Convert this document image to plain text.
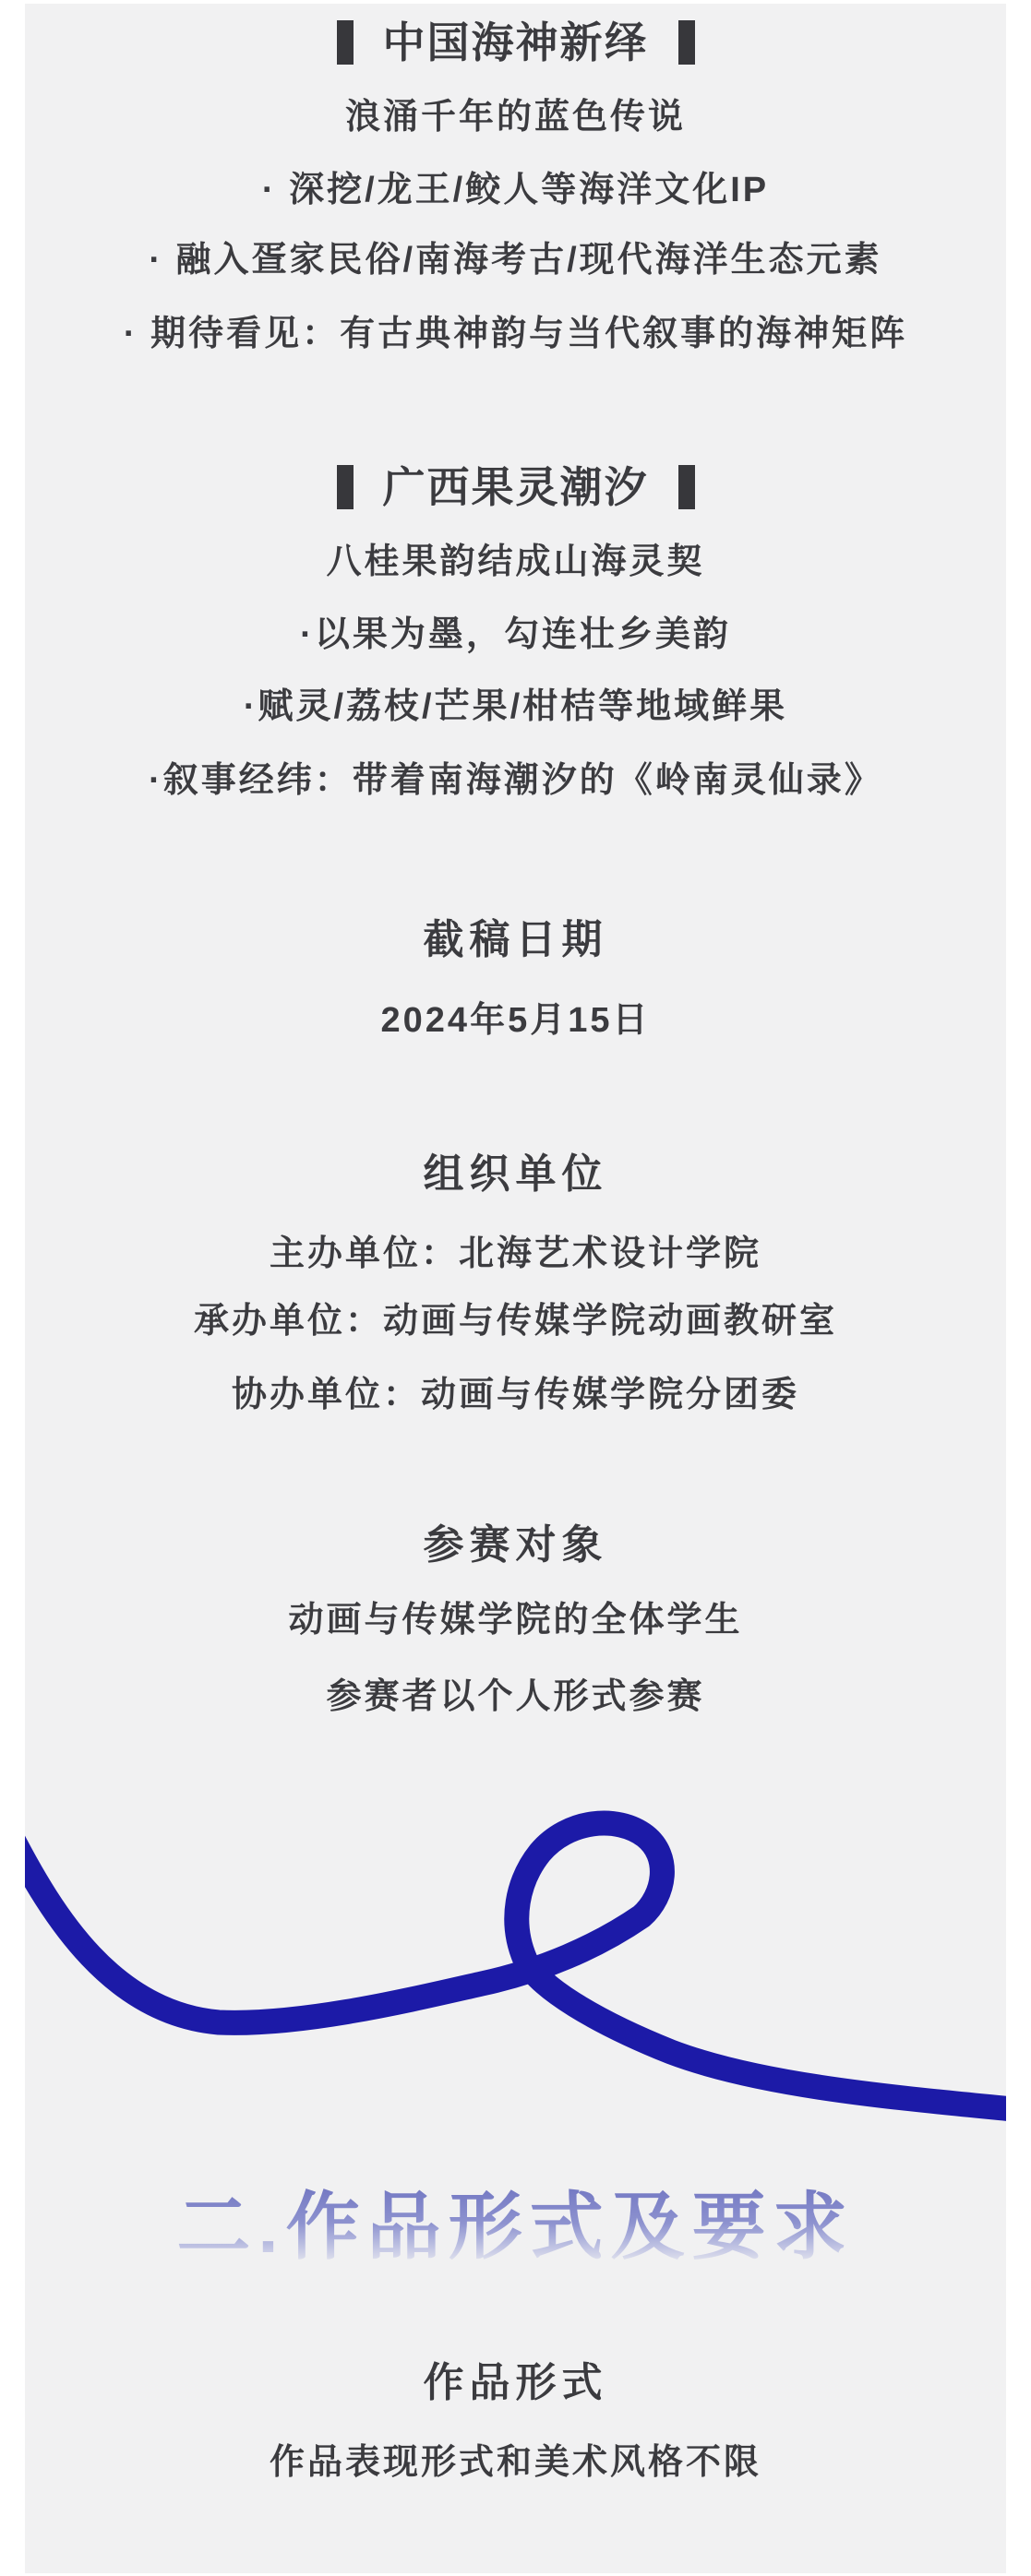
中国海神新绎
浪涌千年的蓝色传说
· 深挖/龙王/鲛人等海洋文化IP
· 融入疍家民俗/南海考古/现代海洋生态元素
· 期待看见：有古典神韵与当代叙事的海神矩阵
广西果灵潮汐
八桂果韵结成山海灵契
·以果为墨，勾连壮乡美韵
·赋灵/荔枝/芒果/柑桔等地域鲜果
·叙事经纬：带着南海潮汐的《岭南灵仙录》
截稿日期
2024年5月15日
组织单位
主办单位：北海艺术设计学院
承办单位：动画与传媒学院动画教研室
协办单位：动画与传媒学院分团委
参赛对象
动画与传媒学院的全体学生
参赛者以个人形式参赛
二.作品形式及要求
作品形式
作品表现形式和美术风格不限
